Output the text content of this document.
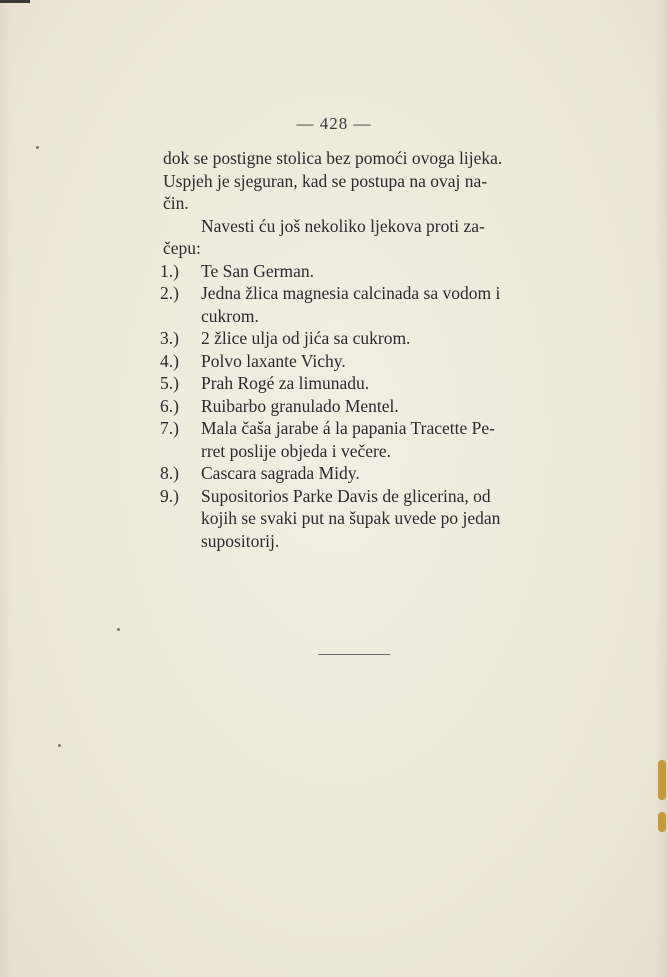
— 428 —
dok se postigne stolica bez pomoći ovoga lijeka.
Uspjeh je sjeguran, kad se postupa na ovaj na-
čin.
Navesti ću još nekoliko ljekova proti za-
čepu:
1.) Te San German.
2.) Jedna žlica magnesia calcinada sa vodom i
cukrom.
3.) 2 žlice ulja od jića sa cukrom.
4.) Polvo laxante Vichy.
5.) Prah Rogé za limunadu.
6.) Ruibarbo granulado Mentel.
7.) Mala čaša jarabe á la papania Tracette Pe-
rret poslije objeda i večere.
8.) Cascara sagrada Midy.
9.) Supositorios Parke Davis de glicerina, od
kojih se svaki put na šupak uvede po jedan
supositorij.
